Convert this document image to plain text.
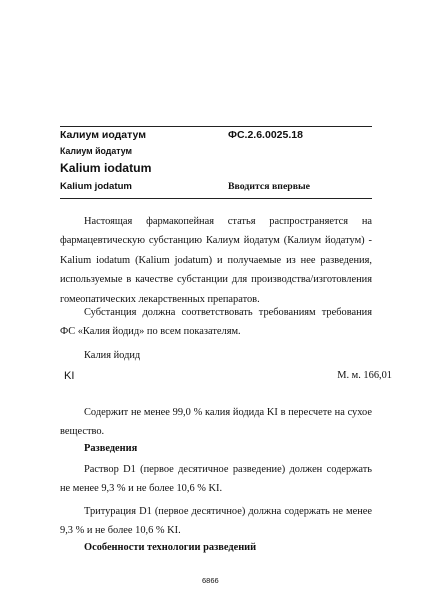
Калиум иодатум	ФС.2.6.0025.18
Калиум йодатум
Kalium iodatum
Kalium jodatum	Вводится впервые

Настоящая фармакопейная статья распространяется на фармацевтическую субстанцию Калиум йодатум (Калиум йодатум) - Kalium iodatum (Kalium jodatum) и получаемые из нее разведения, используемые в качестве субстанции для производства/изготовления гомеопатических лекарственных препаратов.

Субстанция должна соответствовать требованиям требования ФС «Калия йодид» по всем показателям.

Калия йодид
KI	М. м. 166,01

Содержит не менее 99,0 % калия йодида KI в пересчете на сухое вещество.

Разведения

Раствор D1 (первое десятичное разведение) должен содержать не менее 9,3 % и не более 10,6 % KI.

Тритурация D1 (первое десятичное) должна содержать не менее 9,3 % и не более 10,6 % KI.

Особенности технологии разведений
6866
